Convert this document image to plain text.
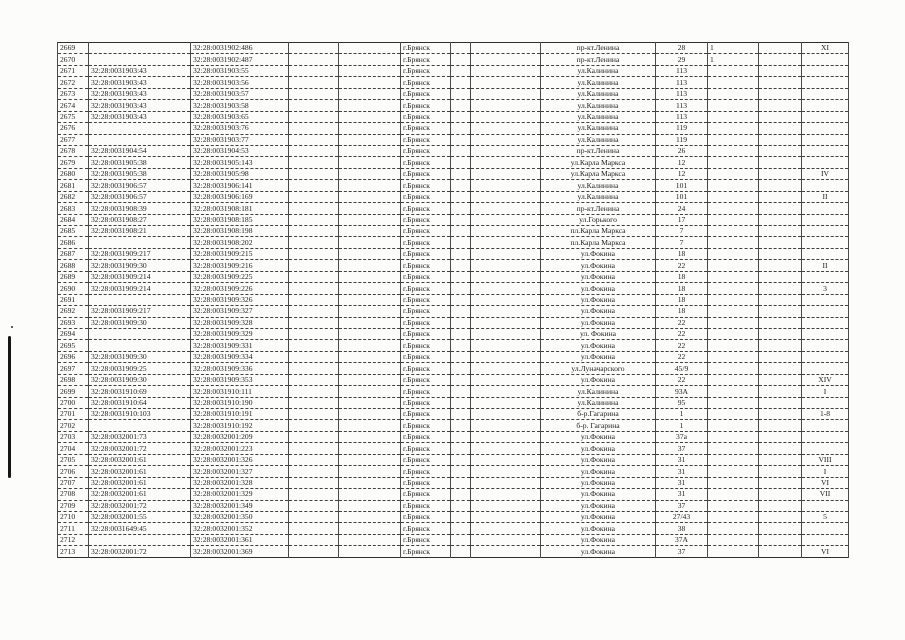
2669		32:28:0031902:486			г.Брянск			пр-кт.Ленина	28	1		XI
2670		32:28:0031902:487			г.Брянск			пр-кт.Ленина	29	1		
2671	32:28:0031903:43	32:28:0031903:55			г.Брянск			ул.Калинина	113			
2672	32:28:0031903:43	32:28:0031903:56			г.Брянск			ул.Калинина	113			
2673	32:28:0031903:43	32:28:0031903:57			г.Брянск			ул.Калинина	113			
2674	32:28:0031903:43	32:28:0031903:58			г.Брянск			ул.Калинина	113			
2675	32:28:0031903:43	32:28:0031903:65			г.Брянск			ул.Калинина	113			
2676		32:28:0031903:76			г.Брянск			ул.Калинина	119			
2677		32:28:0031903:77			г.Брянск			ул.Калинина	119			
2678	32:28:0031904:54	32:28:0031904:53			г.Брянск			пр-кт.Ленина	26			
2679	32:28:0031905:38	32:28:0031905:143			г.Брянск			ул.Карла Маркса	12			
2680	32:28:0031905:38	32:28:0031905:98			г.Брянск			ул.Карла Маркса	12			IV
2681	32:28:0031906:57	32:28:0031906:141			г.Брянск			ул.Калинина	101			
2682	32:28:0031906:57	32:28:0031906:169			г.Брянск			ул.Калинина	101			II
2683	32:28:0031908:39	32:28:0031908:181			г.Брянск			пр-кт.Ленина	24			
2684	32:28:0031908:27	32:28:0031908:185			г.Брянск			ул.Горького	17			
2685	32:28:0031908:21	32:28:0031908:198			г.Брянск			пл.Карла Маркса	7			
2686		32:28:0031908:202			г.Брянск			пл.Карла Маркса	7			
2687	32:28:0031909:217	32:28:0031909:215			г.Брянск			ул.Фокина	18			
2688	32:28:0031909:30	32:28:0031909:216			г.Брянск			ул.Фокина	22			II
2689	32:28:0031909:214	32:28:0031909:225			г.Брянск			ул.Фокина	18			
2690	32:28:0031909:214	32:28:0031909:226			г.Брянск			ул.Фокина	18			3
2691		32:28:0031909:326			г.Брянск			ул.Фокина	18			
2692	32:28:0031909:217	32:28:0031909:327			г.Брянск			ул.Фокина	18			
2693	32:28:0031909:30	32:28:0031909:328			г.Брянск			ул.Фокина	22			
2694		32:28:0031909:329			г.Брянск			ул. Фокина	22			
2695		32:28:0031909:331			г.Брянск			ул.Фокина	22			
2696	32:28:0031909:30	32:28:0031909:334			г.Брянск			ул.Фокина	22			
2697	32:28:0031909:25	32:28:0031909:336			г.Брянск			ул.Луначарского	45/9			
2698	32:28:0031909:30	32:28:0031909:353			г.Брянск			ул.Фокина	22			XIV
2699	32:28:0031910:69	32:28:0031910:111			г.Брянск			ул.Калинина	93А			I
2700	32:28:0031910:64	32:28:0031910:190			г.Брянск			ул.Калинина	95			
2701	32:28:0031910:103	32:28:0031910:191			г.Брянск			б-р.Гагарина	1			1-8
2702		32:28:0031910:192			г.Брянск			б-р. Гагарина	1			
2703	32:28:0032001:73	32:28:0032001:209			г.Брянск			ул.Фокина	37а			
2704	32:28:0032001:72	32:28:0032001:223			г.Брянск			ул.Фокина	37			
2705	32:28:0032001:61	32:28:0032001:326			г.Брянск			ул.Фокина	31			VIII
2706	32:28:0032001:61	32:28:0032001:327			г.Брянск			ул.Фокина	31			I
2707	32:28:0032001:61	32:28:0032001:328			г.Брянск			ул.Фокина	31			VI
2708	32:28:0032001:61	32:28:0032001:329			г.Брянск			ул.Фокина	31			VII
2709	32:28:0032001:72	32:28:0032001:349			г.Брянск			ул.Фокина	37			
2710	32:28:0032001:55	32:28:0032001:350			г.Брянск			ул.Фокина	27/43			5
2711	32:28:0031649:45	32:28:0032001:352			г.Брянск			ул.Фокина	38			
2712		32:28:0032001:361			г.Брянск			ул.Фокина	37А			
2713	32:28:0032001:72	32:28:0032001:369			г.Брянск			ул.Фокина	37			VI
